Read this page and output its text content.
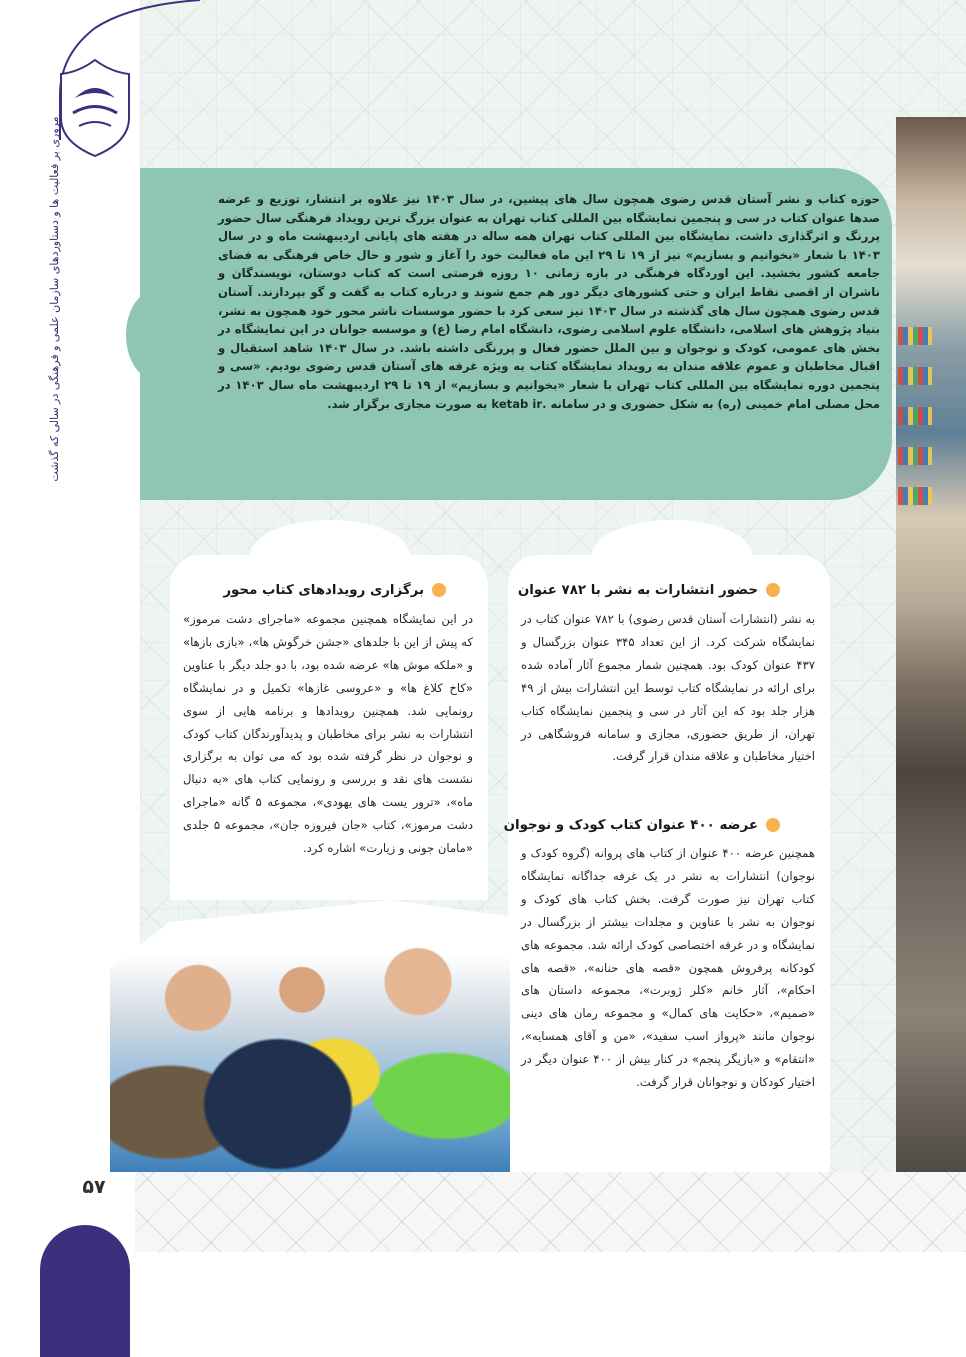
مروری بر فعالیت ها و دستاوردهای سازمان علمی و فرهنگی در سالی که گذشت	حوزه کتاب و نشر آستان قدس رضوی همچون سال های پیشین، در سال ۱۴۰۳ نیز علاوه بر انتشار، توزیع و عرضه صدها عنوان کتاب در سی و پنجمین نمایشگاه بین المللی کتاب تهران به عنوان بزرگ ترین رویداد فرهنگی سال حضور پررنگ و اثرگذاری داشت. نمایشگاه بین المللی کتاب تهران همه ساله در هفته های پایانی اردیبهشت ماه و در سال ۱۴۰۳ با شعار «بخوانیم و بسازیم» نیز از ۱۹ تا ۲۹ این ماه فعالیت خود را آغاز و شور و حال خاص فرهنگی به فضای جامعه کشور بخشید. این اوردگاه فرهنگی در بازه زمانی ۱۰ روزه فرصتی است که کتاب دوستان، نویسندگان و ناشران از اقصی نقاط ایران و حتی کشورهای دیگر دور هم جمع شوند و درباره کتاب به گفت و گو بپردازند. آستان قدس رضوی همچون سال های گذشته در سال ۱۴۰۳ نیز سعی کرد با حضور موسسات ناشر محور خود همچون به نشر، بنیاد پژوهش های اسلامی، دانشگاه علوم اسلامی رضوی، دانشگاه امام رضا (ع) و موسسه جوانان در این نمایشگاه در بخش های عمومی، کودک و نوجوان و بین الملل حضور فعال و پررنگی داشته باشد. در سال ۱۴۰۳ شاهد استقبال و اقبال مخاطبان و عموم علاقه مندان به رویداد نمایشگاه کتاب به ویژه غرفه های آستان قدس رضوی بودیم. «سی و پنجمین دوره نمایشگاه بین المللی کتاب تهران با شعار «بخوانیم و بسازیم» از ۱۹ تا ۲۹ اردیبهشت ماه سال ۱۴۰۳ در محل مصلی امام خمینی (ره) به شکل حضوری و در سامانه .ketab ir به صورت مجازی برگزار شد.
حضور انتشارات به نشر با ۷۸۲ عنوان
به نشر (انتشارات آستان قدس رضوی) با ۷۸۲ عنوان کتاب در نمایشگاه شرکت کرد. از این تعداد ۳۴۵ عنوان بزرگسال و ۴۳۷ عنوان کودک بود. همچنین شمار مجموع آثار آماده شده برای ارائه در نمایشگاه کتاب توسط این انتشارات بیش از ۴۹ هزار جلد بود که این آثار در سی و پنجمین نمایشگاه کتاب تهران، از طریق حضوری، مجازی و سامانه فروشگاهی در اختیار مخاطبان و علاقه مندان قرار گرفت.
عرضه ۴۰۰ عنوان کتاب کودک و نوجوان
همچنین عرضه ۴۰۰ عنوان از کتاب های پروانه (گروه کودک و نوجوان) انتشارات به نشر در یک غرفه جداگانه نمایشگاه کتاب تهران نیز صورت گرفت. بخش کتاب های کودک و نوجوان به نشر با عناوین و مجلدات بیشتر از بزرگسال در نمایشگاه و در غرفه اختصاصی کودک ارائه شد. مجموعه های کودکانه پرفروش همچون «قصه های حنانه»، «قصه های احکام»، آثار خانم «کلر ژوبرت»، مجموعه داستان های «صمیم»، «حکایت های کمال» و مجموعه رمان های دینی نوجوان مانند «پرواز اسب سفید»، «من و آقای همسایه»، «انتقام» و «بازیگر پنجم» در کنار بیش از ۴۰۰ عنوان دیگر در اختیار کودکان و نوجوانان قرار گرفت.
برگزاری رویدادهای کتاب محور
در این نمایشگاه همچنین مجموعه «ماجرای دشت مرموز» که پیش از این با جلدهای «جشن خرگوش ها»، «بازی بازها» و «ملکه موش ها» عرضه شده بود، با دو جلد دیگر با عناوین «کاخ کلاغ ها» و «عروسی غازها» تکمیل و در نمایشگاه رونمایی شد. همچنین رویدادها و برنامه هایی از سوی انتشارات به نشر برای مخاطبان و پدیدآورندگان کتاب کودک و نوجوان در نظر گرفته شده بود که می توان به برگزاری نشست های نقد و بررسی و رونمایی کتاب های «به دنبال ماه»، «ترور یست های یهودی»، مجموعه ۵ گانه «ماجرای دشت مرموز»، کتاب «جان فیروزه جان»، مجموعه ۵ جلدی «مامان جونی و زیارت» اشاره کرد.
۵۷
